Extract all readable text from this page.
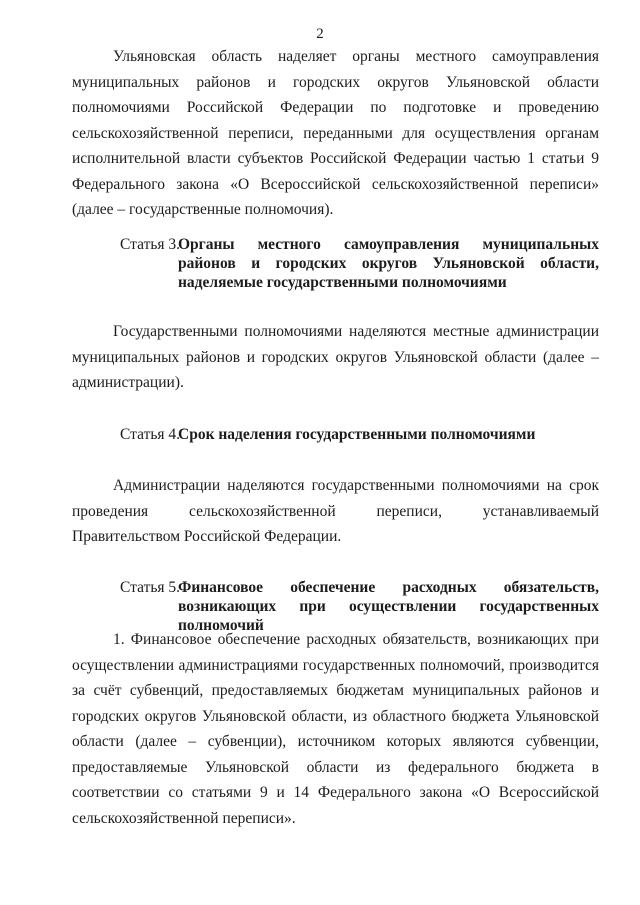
2

Ульяновская область наделяет органы местного самоуправления муниципальных районов и городских округов Ульяновской области полномочиями Российской Федерации по подготовке и проведению сельскохозяйственной переписи, переданными для осуществления органам исполнительной власти субъектов Российской Федерации частью 1 статьи 9 Федерального закона «О Всероссийской сельскохозяйственной переписи» (далее – государственные полномочия).

Статья 3.
Органы местного самоуправления муниципальных районов и городских округов Ульяновской области, наделяемые государственными полномочиями

Государственными полномочиями наделяются местные администрации муниципальных районов и городских округов Ульяновской области (далее – администрации).

Статья 4.
Срок наделения государственными полномочиями

Администрации наделяются государственными полномочиями на срок проведения сельскохозяйственной переписи, устанавливаемый Правительством Российской Федерации.

Статья 5.
Финансовое обеспечение расходных обязательств, возникающих при осуществлении государственных полномочий

1. Финансовое обеспечение расходных обязательств, возникающих при осуществлении администрациями государственных полномочий, производится за счёт субвенций, предоставляемых бюджетам муниципальных районов и городских округов Ульяновской области, из областного бюджета Ульяновской области (далее – субвенции), источником которых являются субвенции, предоставляемые Ульяновской области из федерального бюджета в соответствии со статьями 9 и 14 Федерального закона «О Всероссийской сельскохозяйственной переписи».
